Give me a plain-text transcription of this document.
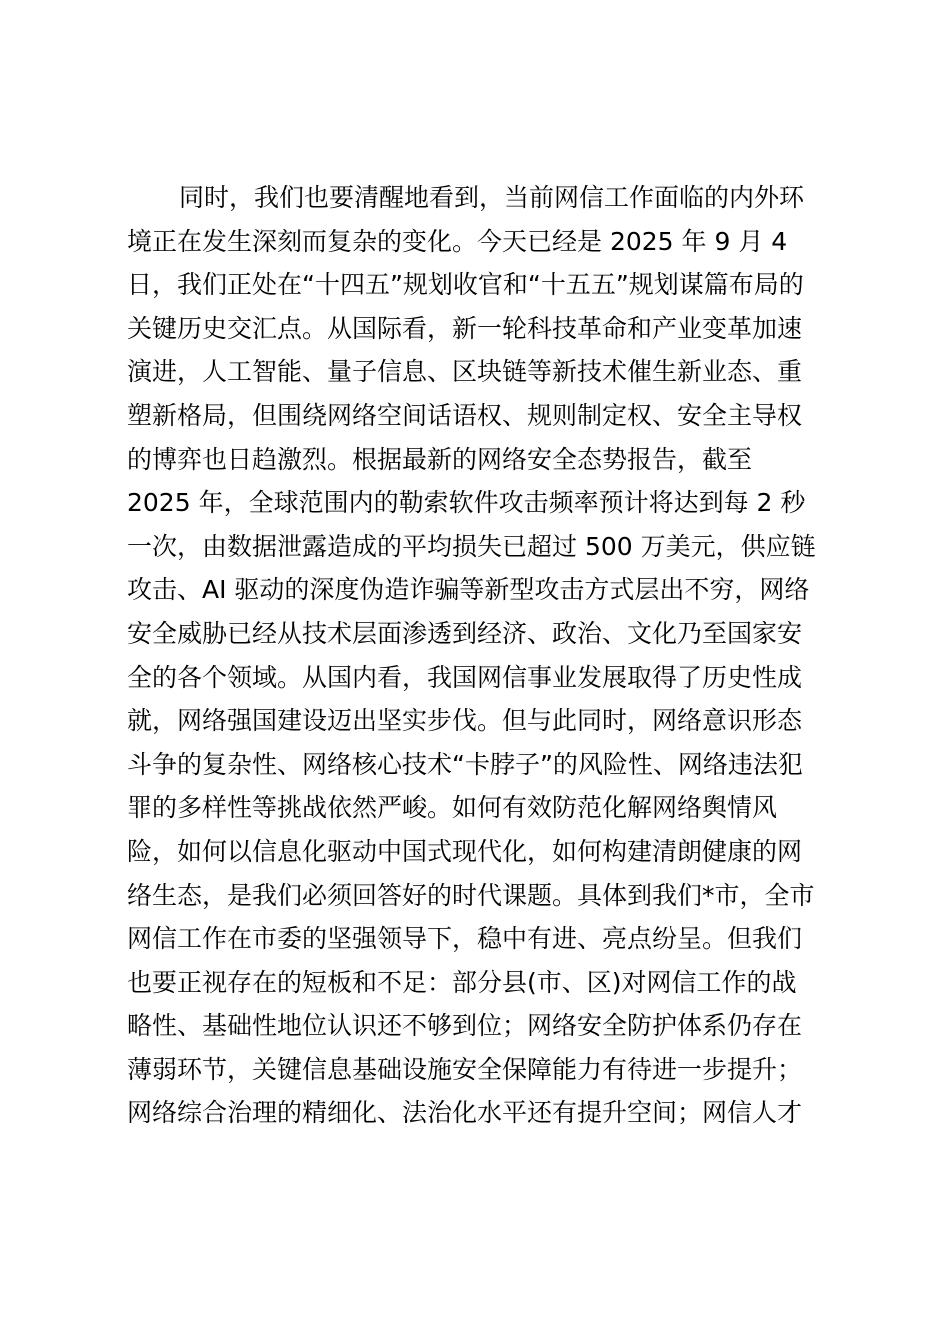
同时，我们也要清醒地看到，当前网信工作面临的内外环
境正在发生深刻而复杂的变化。今天已经是 2025 年 9 月 4
日，我们正处在“十四五”规划收官和“十五五”规划谋篇布局的
关键历史交汇点。从国际看，新一轮科技革命和产业变革加速
演进，人工智能、量子信息、区块链等新技术催生新业态、重
塑新格局，但围绕网络空间话语权、规则制定权、安全主导权
的博弈也日趋激烈。根据最新的网络安全态势报告，截至
2025 年，全球范围内的勒索软件攻击频率预计将达到每 2 秒
一次，由数据泄露造成的平均损失已超过 500 万美元，供应链
攻击、AI 驱动的深度伪造诈骗等新型攻击方式层出不穷，网络
安全威胁已经从技术层面渗透到经济、政治、文化乃至国家安
全的各个领域。从国内看，我国网信事业发展取得了历史性成
就，网络强国建设迈出坚实步伐。但与此同时，网络意识形态
斗争的复杂性、网络核心技术“卡脖子”的风险性、网络违法犯
罪的多样性等挑战依然严峻。如何有效防范化解网络舆情风
险，如何以信息化驱动中国式现代化，如何构建清朗健康的网
络生态，是我们必须回答好的时代课题。具体到我们*市，全市
网信工作在市委的坚强领导下，稳中有进、亮点纷呈。但我们
也要正视存在的短板和不足：部分县(市、区)对网信工作的战
略性、基础性地位认识还不够到位；网络安全防护体系仍存在
薄弱环节，关键信息基础设施安全保障能力有待进一步提升；
网络综合治理的精细化、法治化水平还有提升空间；网信人才
